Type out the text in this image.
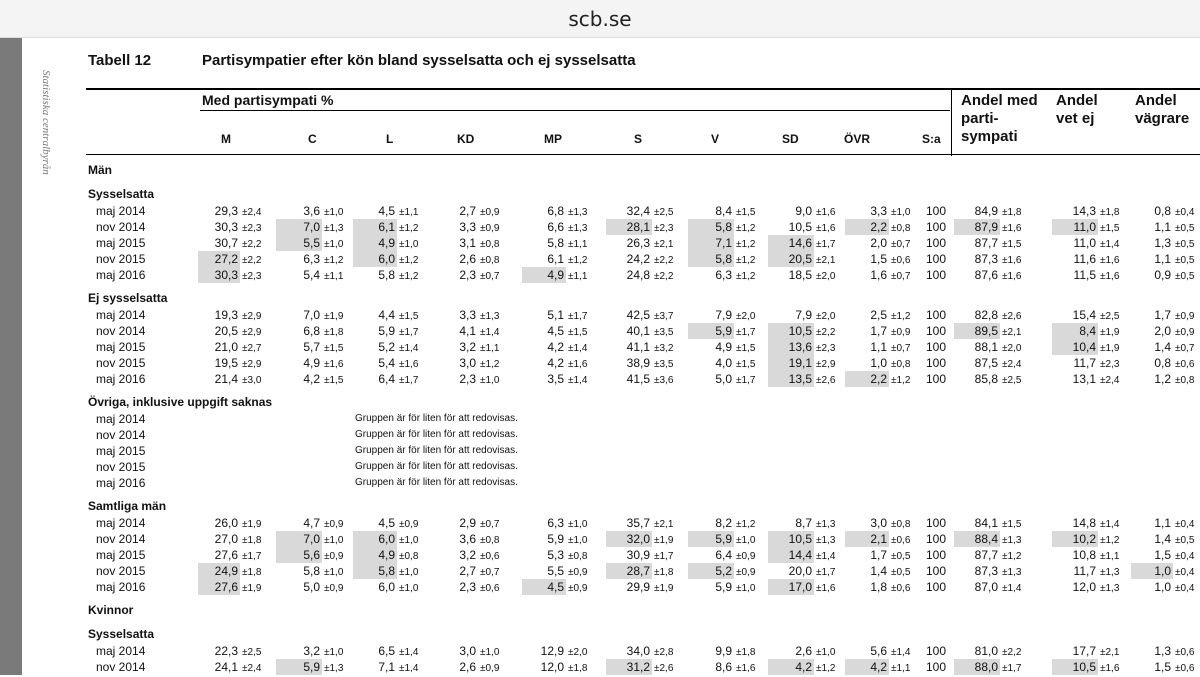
scb.se
Statistiska centralbyrån
Tabell 12	Partisympatier efter kön bland sysselsatta och ej sysselsatta
Med partisympati %
M	C	L	KD	MP	S	V	SD	ÖVR	S:a
Andel med
parti-
sympati
Andel
vet ej
Andel
vägrare
Män
Sysselsatta
maj 2014	29,3 ±2,4	3,6 ±1,0	4,5 ±1,1	2,7 ±0,9	6,8 ±1,3	32,4 ±2,5	8,4 ±1,5	9,0 ±1,6	3,3 ±1,0	100	84,9 ±1,8	14,3 ±1,8	0,8 ±0,4
nov 2014	30,3 ±2,3	7,0 ±1,3	6,1 ±1,2	3,3 ±0,9	6,6 ±1,3	28,1 ±2,3	5,8 ±1,2	10,5 ±1,6	2,2 ±0,8	100	87,9 ±1,6	11,0 ±1,5	1,1 ±0,5
maj 2015	30,7 ±2,2	5,5 ±1,0	4,9 ±1,0	3,1 ±0,8	5,8 ±1,1	26,3 ±2,1	7,1 ±1,2	14,6 ±1,7	2,0 ±0,7	100	87,7 ±1,5	11,0 ±1,4	1,3 ±0,5
nov 2015	27,2 ±2,2	6,3 ±1,2	6,0 ±1,2	2,6 ±0,8	6,1 ±1,2	24,2 ±2,2	5,8 ±1,2	20,5 ±2,1	1,5 ±0,6	100	87,3 ±1,6	11,6 ±1,6	1,1 ±0,5
maj 2016	30,3 ±2,3	5,4 ±1,1	5,8 ±1,2	2,3 ±0,7	4,9 ±1,1	24,8 ±2,2	6,3 ±1,2	18,5 ±2,0	1,6 ±0,7	100	87,6 ±1,6	11,5 ±1,6	0,9 ±0,5
Ej sysselsatta
maj 2014	19,3 ±2,9	7,0 ±1,9	4,4 ±1,5	3,3 ±1,3	5,1 ±1,7	42,5 ±3,7	7,9 ±2,0	7,9 ±2,0	2,5 ±1,2	100	82,8 ±2,6	15,4 ±2,5	1,7 ±0,9
nov 2014	20,5 ±2,9	6,8 ±1,8	5,9 ±1,7	4,1 ±1,4	4,5 ±1,5	40,1 ±3,5	5,9 ±1,7	10,5 ±2,2	1,7 ±0,9	100	89,5 ±2,1	8,4 ±1,9	2,0 ±0,9
maj 2015	21,0 ±2,7	5,7 ±1,5	5,2 ±1,4	3,2 ±1,1	4,2 ±1,4	41,1 ±3,2	4,9 ±1,5	13,6 ±2,3	1,1 ±0,7	100	88,1 ±2,0	10,4 ±1,9	1,4 ±0,7
nov 2015	19,5 ±2,9	4,9 ±1,6	5,4 ±1,6	3,0 ±1,2	4,2 ±1,6	38,9 ±3,5	4,0 ±1,5	19,1 ±2,9	1,0 ±0,8	100	87,5 ±2,4	11,7 ±2,3	0,8 ±0,6
maj 2016	21,4 ±3,0	4,2 ±1,5	6,4 ±1,7	2,3 ±1,0	3,5 ±1,4	41,5 ±3,6	5,0 ±1,7	13,5 ±2,6	2,2 ±1,2	100	85,8 ±2,5	13,1 ±2,4	1,2 ±0,8
Övriga, inklusive uppgift saknas
maj 2014	Gruppen är för liten för att redovisas.
nov 2014	Gruppen är för liten för att redovisas.
maj 2015	Gruppen är för liten för att redovisas.
nov 2015	Gruppen är för liten för att redovisas.
maj 2016	Gruppen är för liten för att redovisas.
Samtliga män
maj 2014	26,0 ±1,9	4,7 ±0,9	4,5 ±0,9	2,9 ±0,7	6,3 ±1,0	35,7 ±2,1	8,2 ±1,2	8,7 ±1,3	3,0 ±0,8	100	84,1 ±1,5	14,8 ±1,4	1,1 ±0,4
nov 2014	27,0 ±1,8	7,0 ±1,0	6,0 ±1,0	3,6 ±0,8	5,9 ±1,0	32,0 ±1,9	5,9 ±1,0	10,5 ±1,3	2,1 ±0,6	100	88,4 ±1,3	10,2 ±1,2	1,4 ±0,5
maj 2015	27,6 ±1,7	5,6 ±0,9	4,9 ±0,8	3,2 ±0,6	5,3 ±0,8	30,9 ±1,7	6,4 ±0,9	14,4 ±1,4	1,7 ±0,5	100	87,7 ±1,2	10,8 ±1,1	1,5 ±0,4
nov 2015	24,9 ±1,8	5,8 ±1,0	5,8 ±1,0	2,7 ±0,7	5,5 ±0,9	28,7 ±1,8	5,2 ±0,9	20,0 ±1,7	1,4 ±0,5	100	87,3 ±1,3	11,7 ±1,3	1,0 ±0,4
maj 2016	27,6 ±1,9	5,0 ±0,9	6,0 ±1,0	2,3 ±0,6	4,5 ±0,9	29,9 ±1,9	5,9 ±1,0	17,0 ±1,6	1,8 ±0,6	100	87,0 ±1,4	12,0 ±1,3	1,0 ±0,4
Kvinnor
Sysselsatta
maj 2014	22,3 ±2,5	3,2 ±1,0	6,5 ±1,4	3,0 ±1,0	12,9 ±2,0	34,0 ±2,8	9,9 ±1,8	2,6 ±1,0	5,6 ±1,4	100	81,0 ±2,2	17,7 ±2,1	1,3 ±0,6
nov 2014	24,1 ±2,4	5,9 ±1,3	7,1 ±1,4	2,6 ±0,9	12,0 ±1,8	31,2 ±2,6	8,6 ±1,6	4,2 ±1,2	4,2 ±1,1	100	88,0 ±1,7	10,5 ±1,6	1,5 ±0,6
